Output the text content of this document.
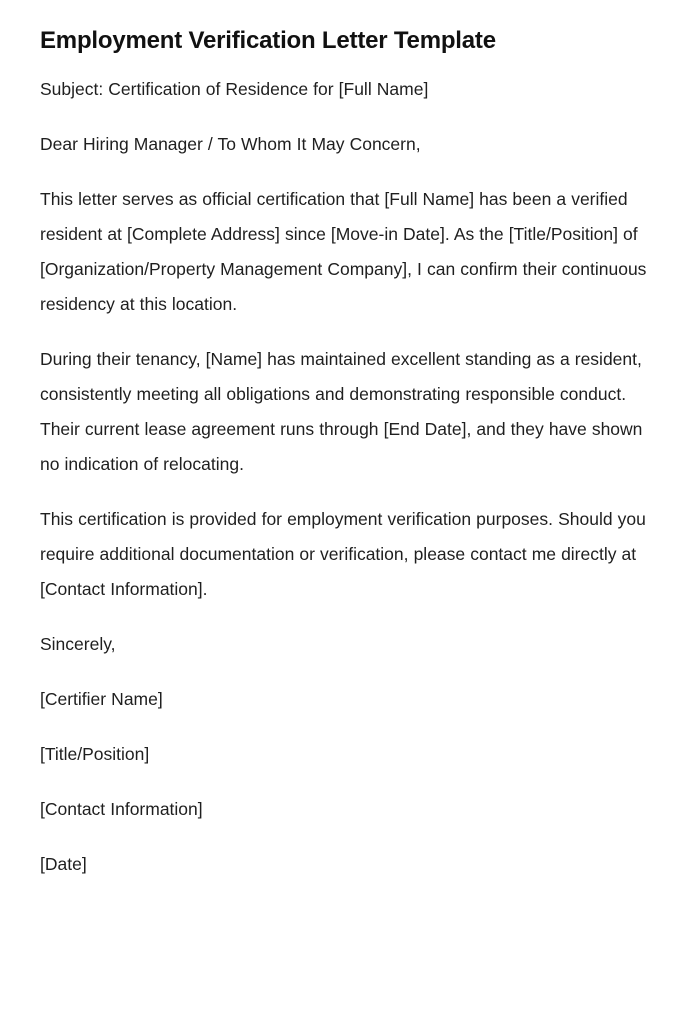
Employment Verification Letter Template

Subject: Certification of Residence for [Full Name]

Dear Hiring Manager / To Whom It May Concern,

This letter serves as official certification that [Full Name] has been a verified resident at [Complete Address] since [Move-in Date]. As the [Title/Position] of [Organization/Property Management Company], I can confirm their continuous residency at this location.

During their tenancy, [Name] has maintained excellent standing as a resident, consistently meeting all obligations and demonstrating responsible conduct. Their current lease agreement runs through [End Date], and they have shown no indication of relocating.

This certification is provided for employment verification purposes. Should you require additional documentation or verification, please contact me directly at [Contact Information].

Sincerely,

[Certifier Name]

[Title/Position]

[Contact Information]

[Date]
